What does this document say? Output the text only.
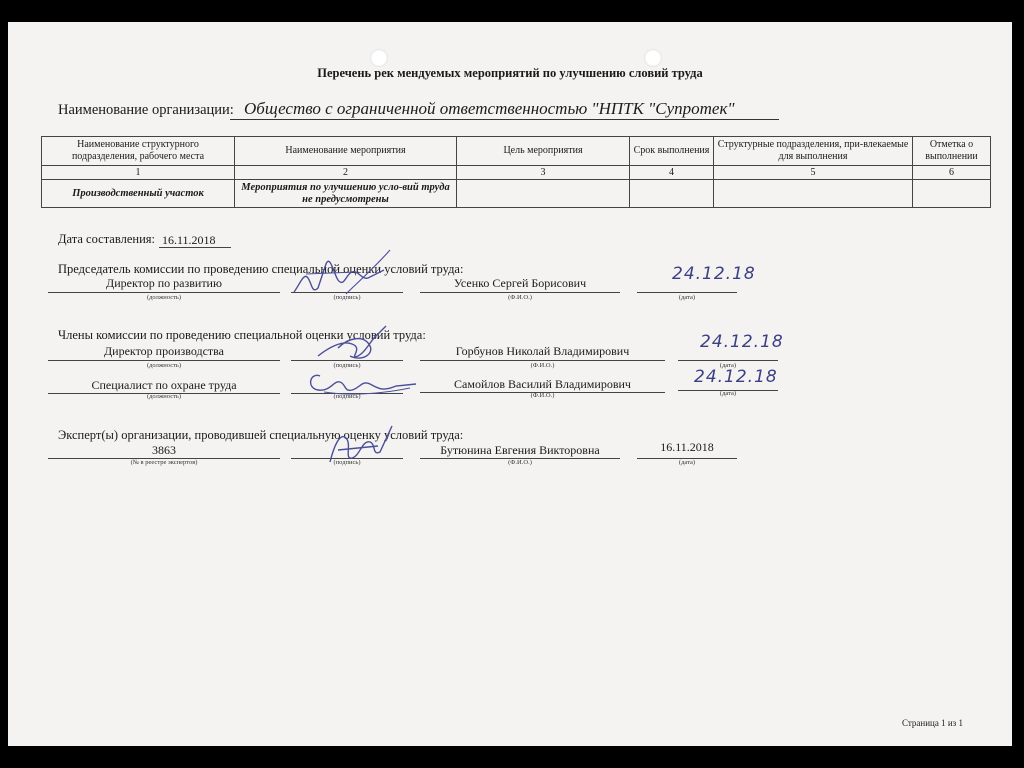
Перечень рек мендуемых мероприятий по улучшению словий труда
Наименование организации: Общество с ограниченной ответственностью "НПТК "Супротек"
Наименование структурного подразделения, рабочего места	Наименование мероприятия	Цель мероприятия	Срок выполнения	Структурные подразделения, при-влекаемые для выполнения	Отметка о выполнении
1	2	3	4	5	6
Производственный участок	Мероприятия по улучшению усло-вий труда не предусмотрены				
Дата составления: 16.11.2018
Председатель комиссии по проведению специальной оценки условий труда:
Директор по развитию
(должность)	(подпись)
Усенко Сергей Борисович
(Ф.И.О.)
24.12.18
(дата)
Члены комиссии по проведению специальной оценки условий труда:
Директор производства
(должность)	(подпись)
Горбунов Николай Владимирович
(Ф.И.О.)
24.12.18
(дата)
Специалист по охране труда
(должность)	(подпись)
Самойлов Василий Владимирович
(Ф.И.О.)
24.12.18
(дата)
Эксперт(ы) организации, проводившей специальную оценку условий труда:
3863
(№ в реестре экспертов)	(подпись)
Бутюнина Евгения Викторовна
(Ф.И.О.)
16.11.2018
(дата)
Страница 1 из 1
